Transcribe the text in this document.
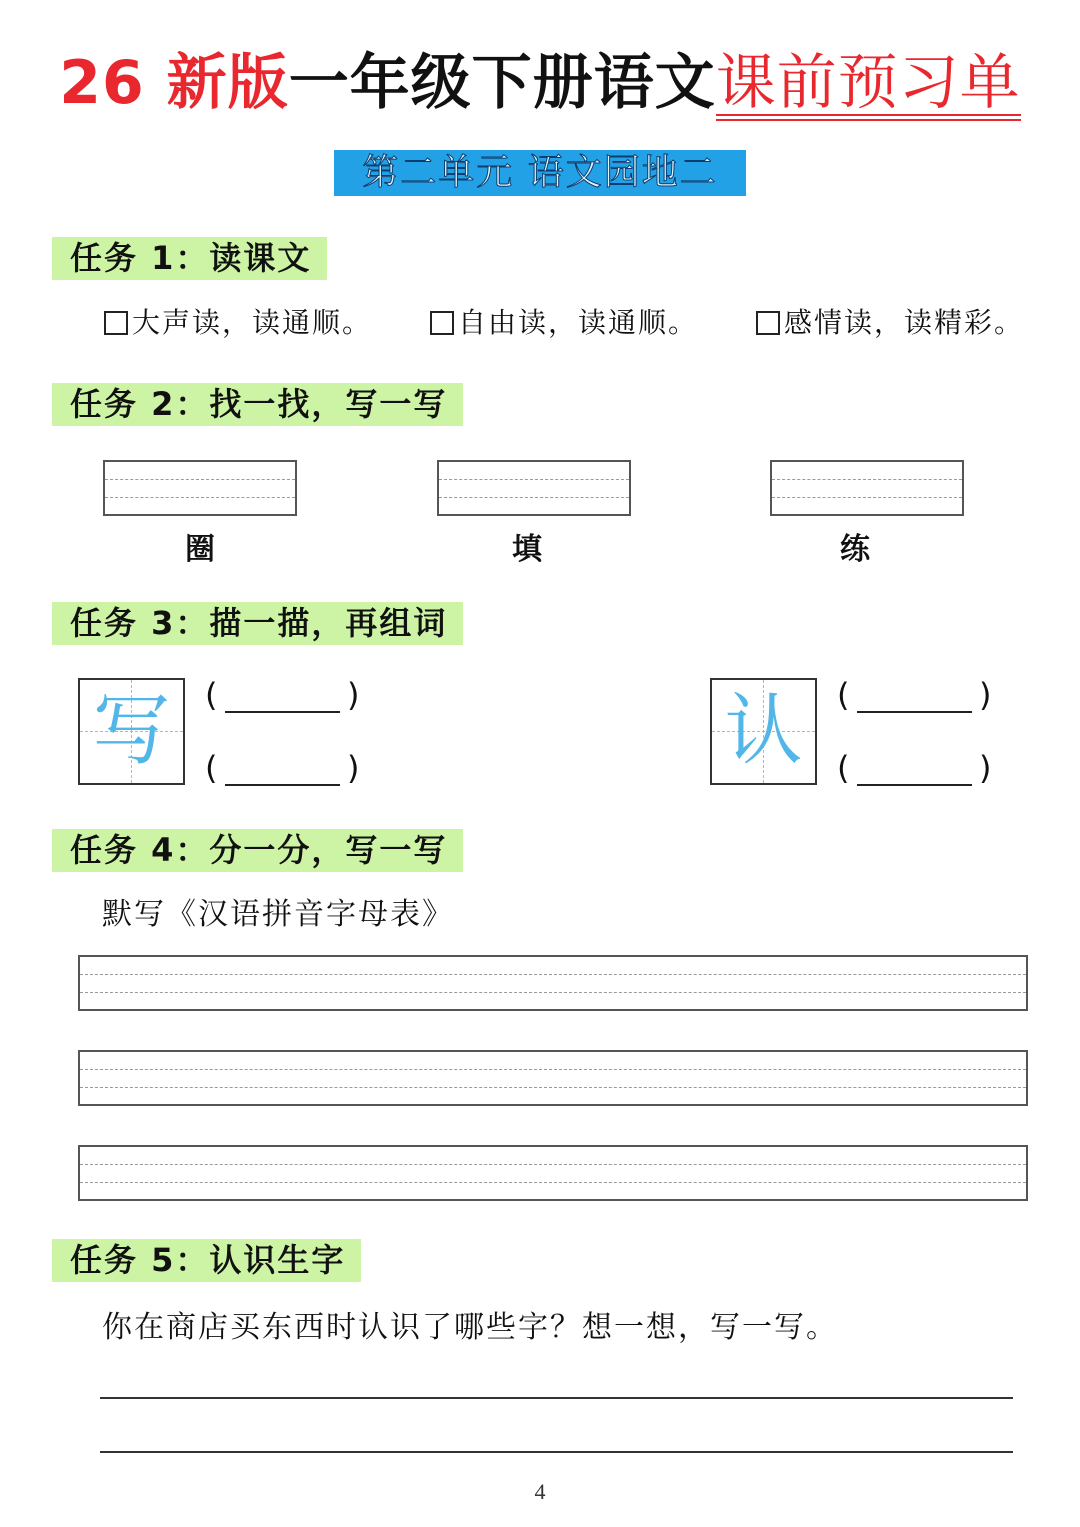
26 新版一年级下册语文课前预习单
第二单元 语文园地二
任务 1：读课文
大声读，读通顺。	自由读，读通顺。	感情读，读精彩。
任务 2：找一找，写一写
圈	填	练
任务 3：描一描，再组词
写	(	)
(	)	认	(	)
(	)
任务 4：分一分，写一写
默写《汉语拼音字母表》
任务 5：认识生字
你在商店买东西时认识了哪些字？想一想，写一写。
4
